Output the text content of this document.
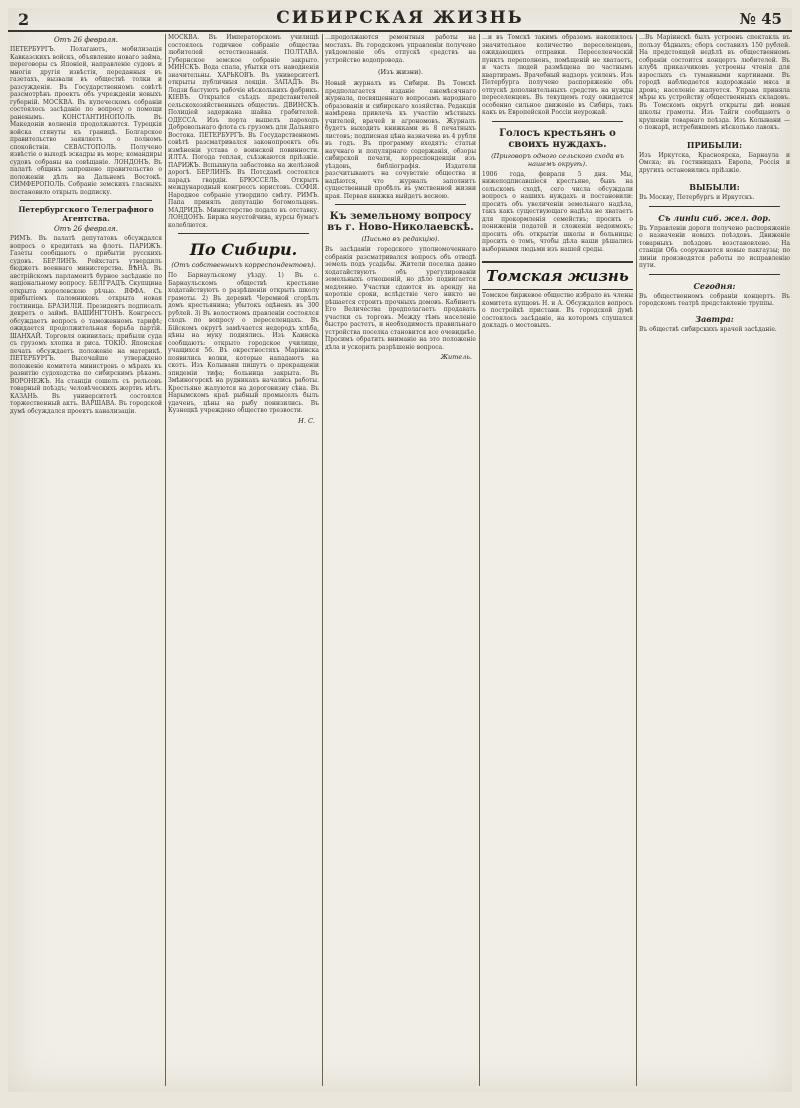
2	СИБИРСКАЯ ЖИЗНЬ	№ 45
Отъ 26 февраля.
ПЕТЕРБУРГЪ. Полагаютъ, мобилизація Кавказскихъ войскъ, объявление новаго займа, переговоры съ Японіей, направленіе судовъ и многія другія извѣстія, переданныя въ газетахъ, вызвали въ обществѣ толки и разсужденія. Въ Государственномъ совѣтѣ разсмотрѣнъ проектъ объ учрежденіи новыхъ губерній. МОСКВА. Въ купеческомъ собраніи состоялось засѣданіе по вопросу о помощи раненымъ. КОНСТАНТИНОПОЛЬ. Въ Македоніи волненія продолжаются. Турецкія войска стянуты къ границѣ. Болгарское правительство заявляетъ о полномъ спокойствіи. СЕВАСТОПОЛЬ. Получено извѣстіе о выходѣ эскадры въ море; командиры судовъ собраны на совѣщаніе. ЛОНДОНЪ. Въ палатѣ общинъ запрошено правительство о положеніи дѣлъ на Дальнемъ Востокѣ. СИМФЕРОПОЛЬ. Собраніе земскихъ гласныхъ постановило открыть подписку.
Петербургского Телеграфного Агентства.
Отъ 26 февраля.
РИМЪ. Въ палатѣ депутатовъ обсуждался вопросъ о кредитахъ на флотъ. ПАРИЖЪ. Газеты сообщаютъ о прибытіи русскихъ судовъ. БЕРЛИНЪ. Рейхстагъ утвердилъ бюджетъ военнаго министерства. ВѢНА. Въ австрійскомъ парламентѣ бурное засѣданіе по національному вопросу. БЕЛГРАДЪ. Скупщина открыта королевскою рѣчью. ЯФФА. Съ прибытіемъ паломниковъ открыта новая гостиница. БРАЗИЛІЯ. Президентъ подписалъ декретъ о займѣ. ВАШИНГТОНЪ. Конгрессъ обсуждаетъ вопросъ о таможенномъ тарифѣ; ожидается продолжительная борьба партій. ШАНХАЙ. Торговля оживилась; прибыли суда съ грузомъ хлопка и риса. ТОКІО. Японская печать обсуждаетъ положеніе на материкѣ. ПЕТЕРБУРГЪ. Высочайше утверждено положеніе комитета министровъ о мѣрахъ къ развитію судоходства по сибирскимъ рѣкамъ. ВОРОНЕЖЪ. На станціи сошелъ съ рельсовъ товарный поѣздъ; человѣческихъ жертвъ нѣтъ. КАЗАНЬ. Въ университетѣ состоялся торжественный актъ. ВАРШАВА. Въ городской думѣ обсуждался проектъ канализаціи.
МОСКВА. Въ Императорскомъ училищѣ состоялось годичное собраніе общества любителей естествознанія. ПОЛТАВА. Губернское земское собраніе закрыто. МИНСКЪ. Вода спала, убытки отъ наводненія значительны. ХАРЬКОВЪ. Въ университетѣ открыты публичныя лекціи. ЗАПАДЪ. Въ Лодзи бастуютъ рабочіе нѣсколькихъ фабрикъ. КІЕВЪ. Открылся съѣздъ представителей сельскохозяйственныхъ обществъ. ДВИНСКЪ. Полиціей задержана шайка грабителей. ОДЕССА. Изъ порта вышелъ пароходъ Добровольнаго флота съ грузомъ для Дальняго Востока. ПЕТЕРБУРГЪ. Въ Государственномъ совѣтѣ разсматривался законопроектъ объ измѣненіи устава о воинской повинности. ЯЛТА. Погода теплая, съѣзжаются пріѣзжіе. ПАРИЖЪ. Вспыхнула забастовка на желѣзной дорогѣ. БЕРЛИНЪ. Въ Потсдамѣ состоялся парадъ гвардіи. БРЮССЕЛЬ. Открытъ международный конгрессъ юристовъ. СОФІЯ. Народное собраніе утвердило смѣту. РИМЪ. Папа принялъ депутацію богомольцевъ. МАДРИДЪ. Министерство подало въ отставку. ЛОНДОНЪ. Биржа неустойчива, курсы бумагъ колеблются.
По Сибири.
(Отъ собственныхъ корреспондентовъ).
По Барнаульскому уѣзду. 1) Въ с. Барнаульскомъ обществѣ крестьяне ходатайствуютъ о разрѣшеніи открыть школу грамоты. 2) Въ деревнѣ Черемной сгорѣлъ домъ крестьянина; убытокъ оцѣненъ въ 300 рублей. 3) Въ волостномъ правленіи состоялся сходъ по вопросу о переселенцахъ. Въ Бійскомъ округѣ замѣчается недородъ хлѣба, цѣны на муку поднялись. Изъ Каинска сообщаютъ: открыто городское училище, учащихся 56. Въ окрестностяхъ Маріинска появились волки, которые нападаютъ на скотъ. Изъ Колывани пишутъ о прекращеніи эпидеміи тифа; больница закрыта. Въ Змѣиногорскѣ на рудникахъ начались работы. Крестьяне жалуются на дороговизну сѣна. Въ Нарымскомъ краѣ рыбный промыселъ былъ удаченъ, цѣны на рыбу понизились. Въ Кузнецкѣ учреждено общество трезвости.
Н. С.
…продолжаются ремонтныя работы на мостахъ. Въ городскомъ управленіи получено увѣдомленіе объ отпускѣ средствъ на устройство водопровода.
(Изъ жизни).
Новый журналъ въ Сибири. Въ Томскѣ предполагается изданіе ежемѣсячнаго журнала, посвященнаго вопросамъ народнаго образованія и сибирскаго хозяйства. Редакція намѣрена привлечь къ участію мѣстныхъ учителей, врачей и агрономовъ. Журналъ будетъ выходить книжками въ 8 печатныхъ листовъ; подписная цѣна назначена въ 4 рубля въ годъ. Въ программу входятъ: статьи научнаго и популярнаго содержанія, обзоры сибирской печати, корреспонденціи изъ уѣздовъ, библіографія. Издатели разсчитываютъ на сочувствіе общества и надѣются, что журналъ заполнитъ существенный пробѣлъ въ умственной жизни края. Первая книжка выйдетъ весною.
Къ земельному вопросу въ г. Ново-Николаевскѣ.
(Письмо въ редакцію).
Въ засѣданіи городского уполномоченнаго собранія разсматривался вопросъ объ отводѣ земель подъ усадьбы. Жители поселка давно ходатайствуютъ объ урегулированіи земельныхъ отношеній, но дѣло подвигается медленно. Участки сдаются въ аренду на короткіе сроки, вслѣдствіе чего никто не рѣшается строить прочныхъ домовъ. Кабинетъ Его Величества предполагаетъ продавать участки съ торговъ. Между тѣмъ населеніе быстро растетъ, и необходимость правильнаго устройства поселка становится все очевиднѣе. Просимъ обратить вниманіе на это положеніе дѣла и ускорить разрѣшеніе вопроса.
Житель.
…и въ Томскѣ такимъ образомъ накопилось значительное количество переселенцевъ, ожидающихъ отправки. Переселенческій пунктъ переполненъ, помѣщеній не хватаетъ, и часть людей размѣщена по частнымъ квартирамъ. Врачебный надзоръ усиленъ. Изъ Петербурга получено распоряженіе объ отпускѣ дополнительныхъ средствъ на нужды переселенцевъ. Въ текущемъ году ожидается особенно сильное движеніе въ Сибирь, такъ какъ въ Европейской Россіи неурожай.
Голосъ крестьянъ о своихъ нуждахъ.
(Приговоръ одного сельского схода въ нашемъ округѣ).
1906 года, февраля 5 дня. Мы, нижеподписавшіеся крестьяне, бывъ на сельскомъ сходѣ, сего числа обсуждали вопросъ о нашихъ нуждахъ и постановили: просить объ увеличеніи земельнаго надѣла, такъ какъ существующаго надѣла не хватаетъ для прокормленія семействъ; просить о пониженіи податей и сложеніи недоимокъ; просить объ открытіи школы и больницы; просить о томъ, чтобы дѣла наши рѣшались выборными людьми изъ нашей среды.
Томская жизнь
Томское биржевое общество избрало въ члены комитета купцовъ Н. и А. Обсуждался вопросъ о постройкѣ пристани. Въ городской думѣ состоялось засѣданіе, на которомъ слушался докладъ о мостовыхъ.
…Въ Маріинскѣ былъ устроенъ спектакль въ пользу бѣдныхъ; сборъ составилъ 150 рублей. На предстоящей недѣлѣ въ общественномъ собраніи состоится концертъ любителей. Въ клубѣ приказчиковъ устроены чтенія для взрослыхъ съ туманными картинами. Въ городѣ наблюдается вздорожаніе мяса и дровъ; населеніе жалуется. Управа приняла мѣры къ устройству общественныхъ складовъ. Въ Томскомъ округѣ открыты двѣ новыя школы грамоты. Изъ Тайги сообщаютъ о крушеніи товарнаго поѣзда. Изъ Колывани — о пожарѣ, истребившемъ нѣсколько лавокъ.
ПРИБЫЛИ:
Изъ Иркутска, Красноярска, Барнаула и Омска; въ гостиницахъ Европа, Россія и другихъ остановились пріѣзжіе.
ВЫБЫЛИ:
Въ Москву, Петербургъ и Иркутскъ.
Съ линіи сиб. жел. дор.
Въ Управленіи дороги получено распоряженіе о назначеніи новыхъ поѣздовъ. Движеніе товарныхъ поѣздовъ возстановлено. На станціи Обь сооружаются новые пакгаузы; по линіи производятся работы по исправленію пути.
Сегодня:
Въ общественномъ собраніи концертъ. Въ городскомъ театрѣ представленіе труппы.
Завтра:
Въ обществѣ сибирскихъ врачей засѣданіе.
